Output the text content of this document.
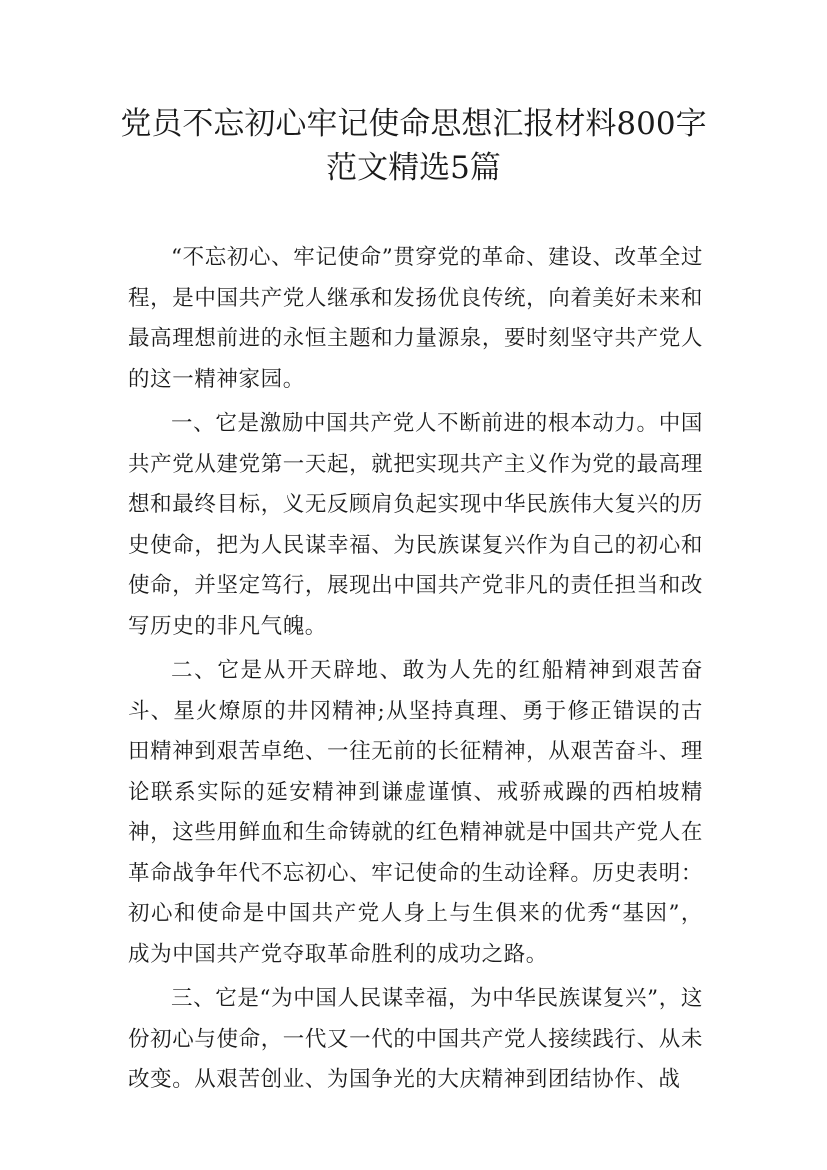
党员不忘初心牢记使命思想汇报材料800字
范文精选5篇

“不忘初心、牢记使命”贯穿党的革命、建设、改革全过程，是中国共产党人继承和发扬优良传统，向着美好未来和最高理想前进的永恒主题和力量源泉，要时刻坚守共产党人的这一精神家园。

一、它是激励中国共产党人不断前进的根本动力。中国共产党从建党第一天起，就把实现共产主义作为党的最高理想和最终目标，义无反顾肩负起实现中华民族伟大复兴的历史使命，把为人民谋幸福、为民族谋复兴作为自己的初心和使命，并坚定笃行，展现出中国共产党非凡的责任担当和改写历史的非凡气魄。

二、它是从开天辟地、敢为人先的红船精神到艰苦奋斗、星火燎原的井冈精神;从坚持真理、勇于修正错误的古田精神到艰苦卓绝、一往无前的长征精神，从艰苦奋斗、理论联系实际的延安精神到谦虚谨慎、戒骄戒躁的西柏坡精神，这些用鲜血和生命铸就的红色精神就是中国共产党人在革命战争年代不忘初心、牢记使命的生动诠释。历史表明：初心和使命是中国共产党人身上与生俱来的优秀“基因”，成为中国共产党夺取革命胜利的成功之路。

三、它是“为中国人民谋幸福，为中华民族谋复兴”，这份初心与使命，一代又一代的中国共产党人接续践行、从未改变。从艰苦创业、为国争光的大庆精神到团结协作、战
